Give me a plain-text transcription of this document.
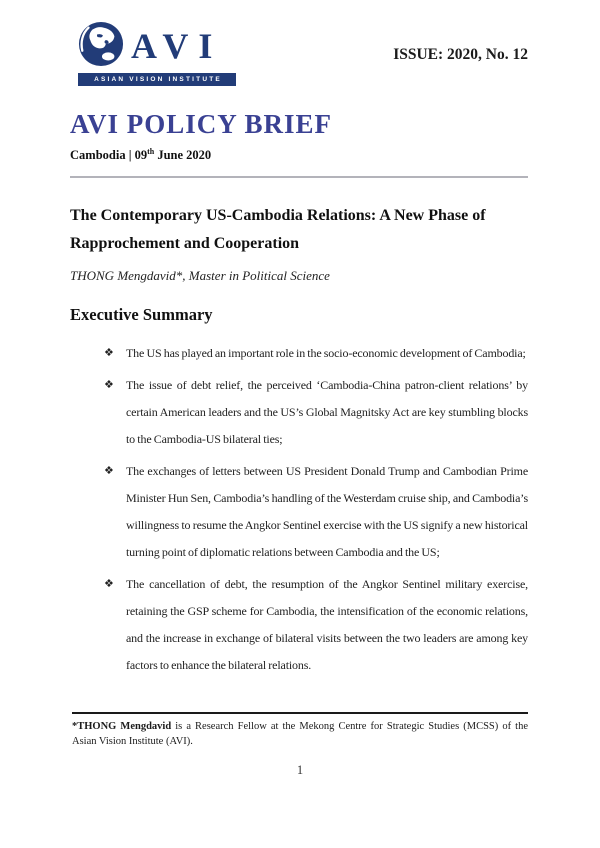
AVI
ASIAN VISION INSTITUTE
ISSUE: 2020, No. 12
AVI POLICY BRIEF
Cambodia | 09th June 2020
The Contemporary US-Cambodia Relations: A New Phase of Rapprochement and Cooperation
THONG Mengdavid*, Master in Political Science
Executive Summary
❖	The US has played an important role in the socio-economic development of Cambodia;
❖	The issue of debt relief, the perceived ‘Cambodia-China patron-client relations’ by certain American leaders and the US’s Global Magnitsky Act are key stumbling blocks to the Cambodia-US bilateral ties;
❖	The exchanges of letters between US President Donald Trump and Cambodian Prime Minister Hun Sen, Cambodia’s handling of the Westerdam cruise ship, and Cambodia’s willingness to resume the Angkor Sentinel exercise with the US signify a new historical turning point of diplomatic relations between Cambodia and the US;
❖	The cancellation of debt, the resumption of the Angkor Sentinel military exercise, retaining the GSP scheme for Cambodia, the intensification of the economic relations, and the increase in exchange of bilateral visits between the two leaders are among key factors to enhance the bilateral relations.

*THONG Mengdavid is a Research Fellow at the Mekong Centre for Strategic Studies (MCSS) of the Asian Vision Institute (AVI).

1
